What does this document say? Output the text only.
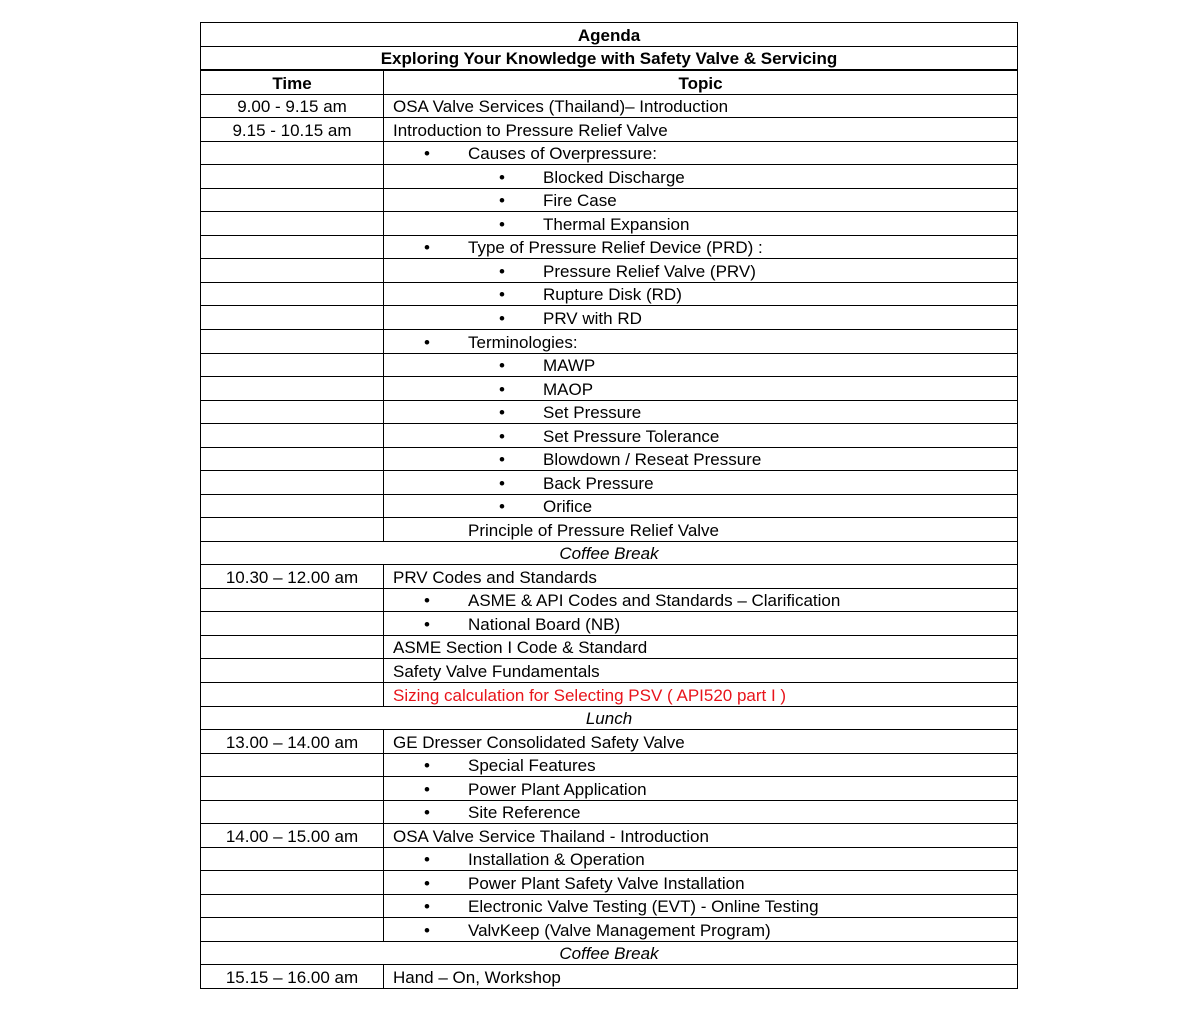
Agenda	
Exploring Your Knowledge with Safety Valve & Servicing	

Time	Topic
9.00 - 9.15 am	OSA Valve Services (Thailand)– Introduction
9.15 - 10.15 am	Introduction to Pressure Relief Valve
	• Causes of Overpressure:
	• Blocked Discharge
	• Fire Case
	• Thermal Expansion
	• Type of Pressure Relief Device (PRD) :
	• Pressure Relief Valve (PRV)
	• Rupture Disk (RD)
	• PRV with RD
	• Terminologies:
	• MAWP
	• MAOP
	• Set Pressure
	• Set Pressure Tolerance
	• Blowdown / Reseat Pressure
	• Back Pressure
	• Orifice
	Principle of Pressure Relief Valve
Coffee Break	
10.30 – 12.00 am	PRV Codes and Standards
	• ASME & API Codes and Standards – Clarification
	• National Board (NB)
	ASME Section I Code & Standard
	Safety Valve Fundamentals
	Sizing calculation for Selecting PSV ( API520 part I )
Lunch	
13.00 – 14.00 am	GE Dresser Consolidated Safety Valve
	• Special Features
	• Power Plant Application
	• Site Reference
14.00 – 15.00 am	OSA Valve Service Thailand - Introduction
	• Installation & Operation
	• Power Plant Safety Valve Installation
	• Electronic Valve Testing (EVT) - Online Testing
	• ValvKeep (Valve Management Program)
Coffee Break	
15.15 – 16.00 am	Hand – On, Workshop
